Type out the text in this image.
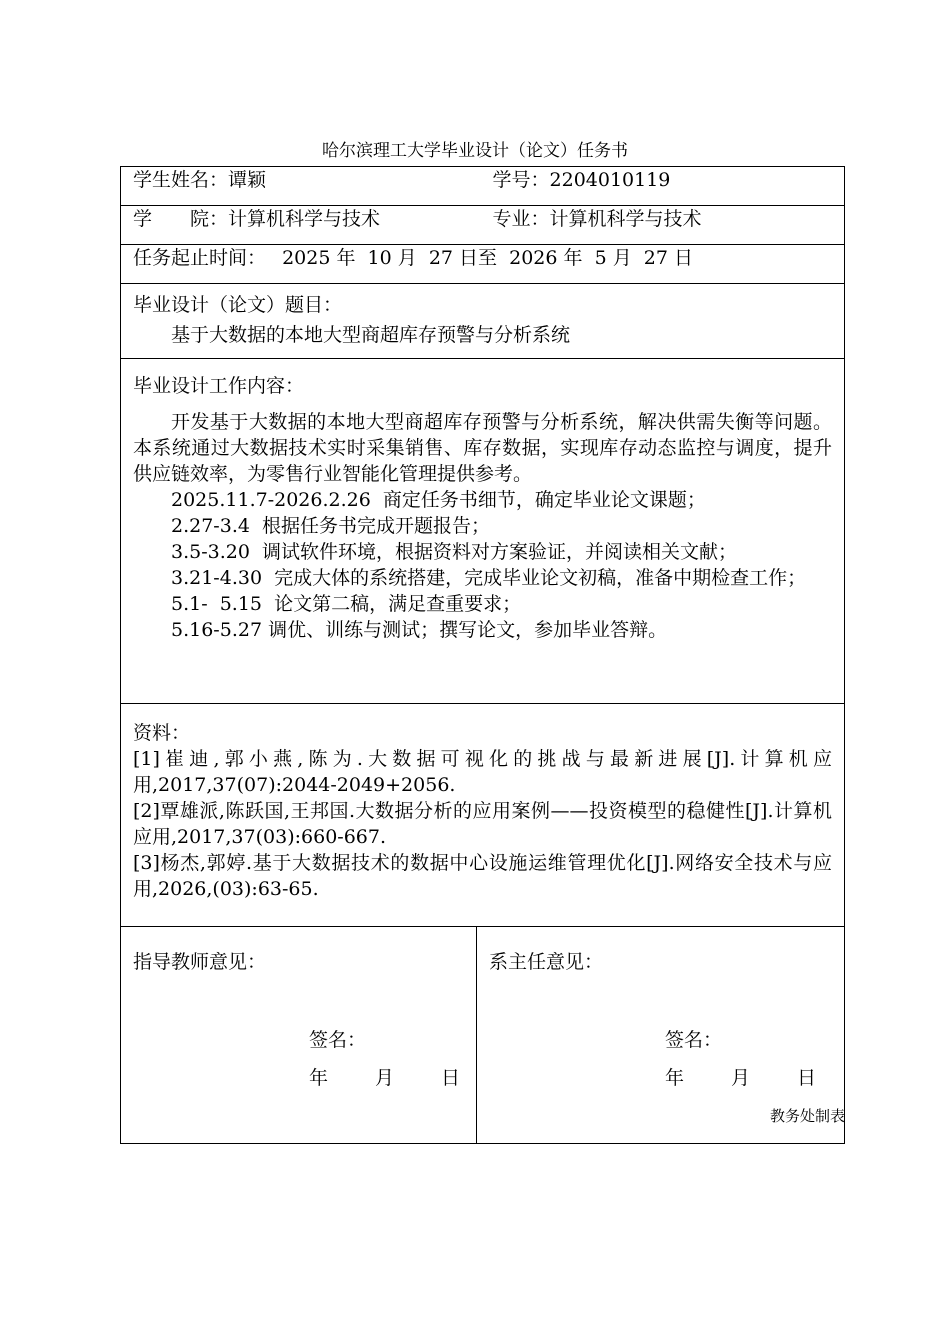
哈尔滨理工大学毕业设计（论文）任务书
学生姓名： 谭颖	学号： 2204010119

学　　院： 计算机科学与技术	专业： 计算机科学与技术

任务起止时间： 2025 年  10 月  27 日至  2026 年  5 月  27 日

毕业设计（论文）题目：
基于大数据的本地大型商超库存预警与分析系统

毕业设计工作内容：

开发基于大数据的本地大型商超库存预警与分析系统，解决供需失衡等问题。本系统通过大数据技术实时采集销售、库存数据，实现库存动态监控与调度，提升供应链效率，为零售行业智能化管理提供参考。

2025.11.7-2026.2.26  商定任务书细节，确定毕业论文课题；

2.27-3.4  根据任务书完成开题报告；

3.5-3.20  调试软件环境，根据资料对方案验证，并阅读相关文献；

3.21-4.30  完成大体的系统搭建，完成毕业论文初稿，准备中期检查工作；

5.1-  5.15  论文第二稿，满足查重要求；

5.16-5.27 调优、训练与测试；撰写论文，参加毕业答辩。

资料：

[1]崔迪,郭小燕,陈为.大数据可视化的挑战与最新进展[J].计算机应用,2017,37(07):2044-2049+2056.

[2]覃雄派,陈跃国,王邦国.大数据分析的应用案例——投资模型的稳健性[J].计算机应用,2017,37(03):660-667.

[3]杨杰,郭婷.基于大数据技术的数据中心设施运维管理优化[J].网络安全技术与应用,2026,(03):63-65.

指导教师意见：
签名：
年 月 日

系主任意见：
签名：
年 月 日
教务处制表
